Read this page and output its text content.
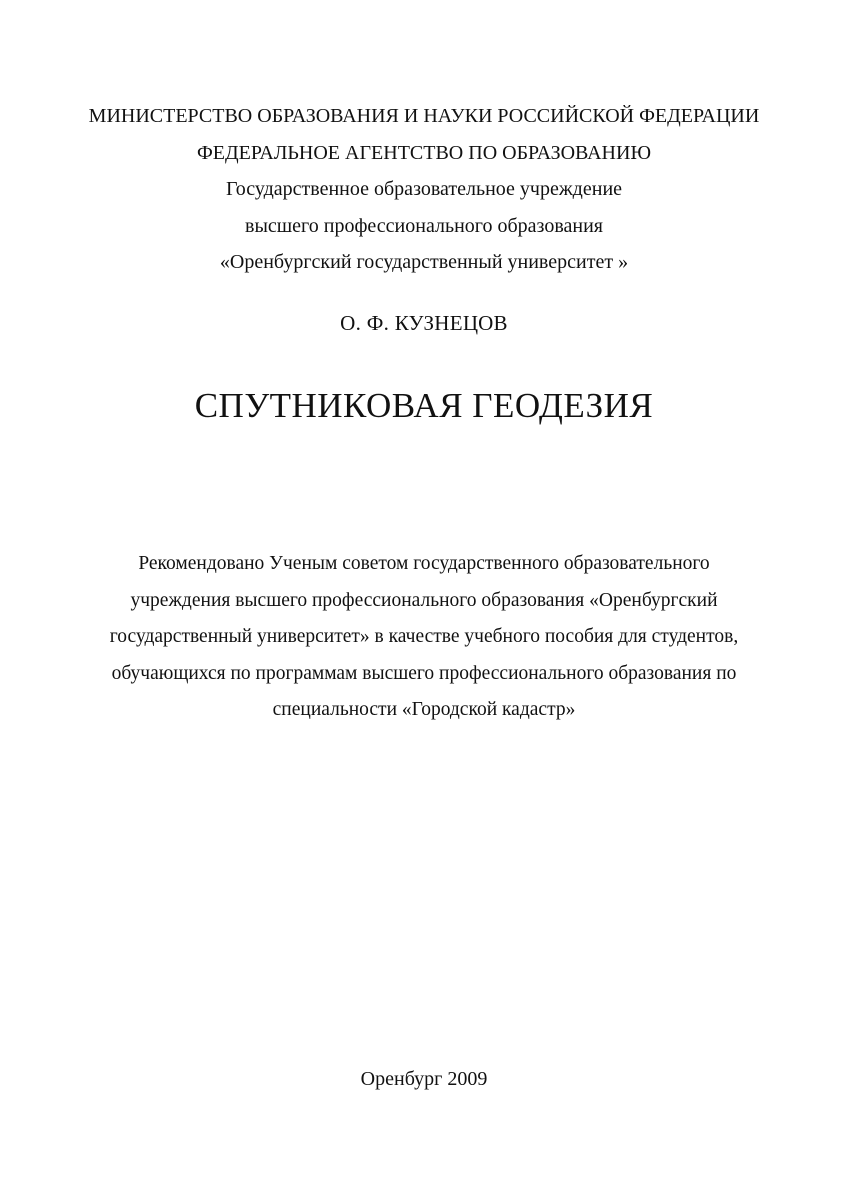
МИНИСТЕРСТВО ОБРАЗОВАНИЯ И НАУКИ РОССИЙСКОЙ ФЕДЕРАЦИИ
ФЕДЕРАЛЬНОЕ АГЕНТСТВО ПО ОБРАЗОВАНИЮ
Государственное образовательное учреждение
высшего профессионального образования
«Оренбургский государственный университет »
О. Ф. КУЗНЕЦОВ
СПУТНИКОВАЯ ГЕОДЕЗИЯ
Рекомендовано Ученым советом государственного образовательного
учреждения высшего профессионального образования «Оренбургский
государственный университет» в качестве учебного пособия для студентов,
обучающихся по программам высшего профессионального образования по
специальности «Городской кадастр»
Оренбург 2009
